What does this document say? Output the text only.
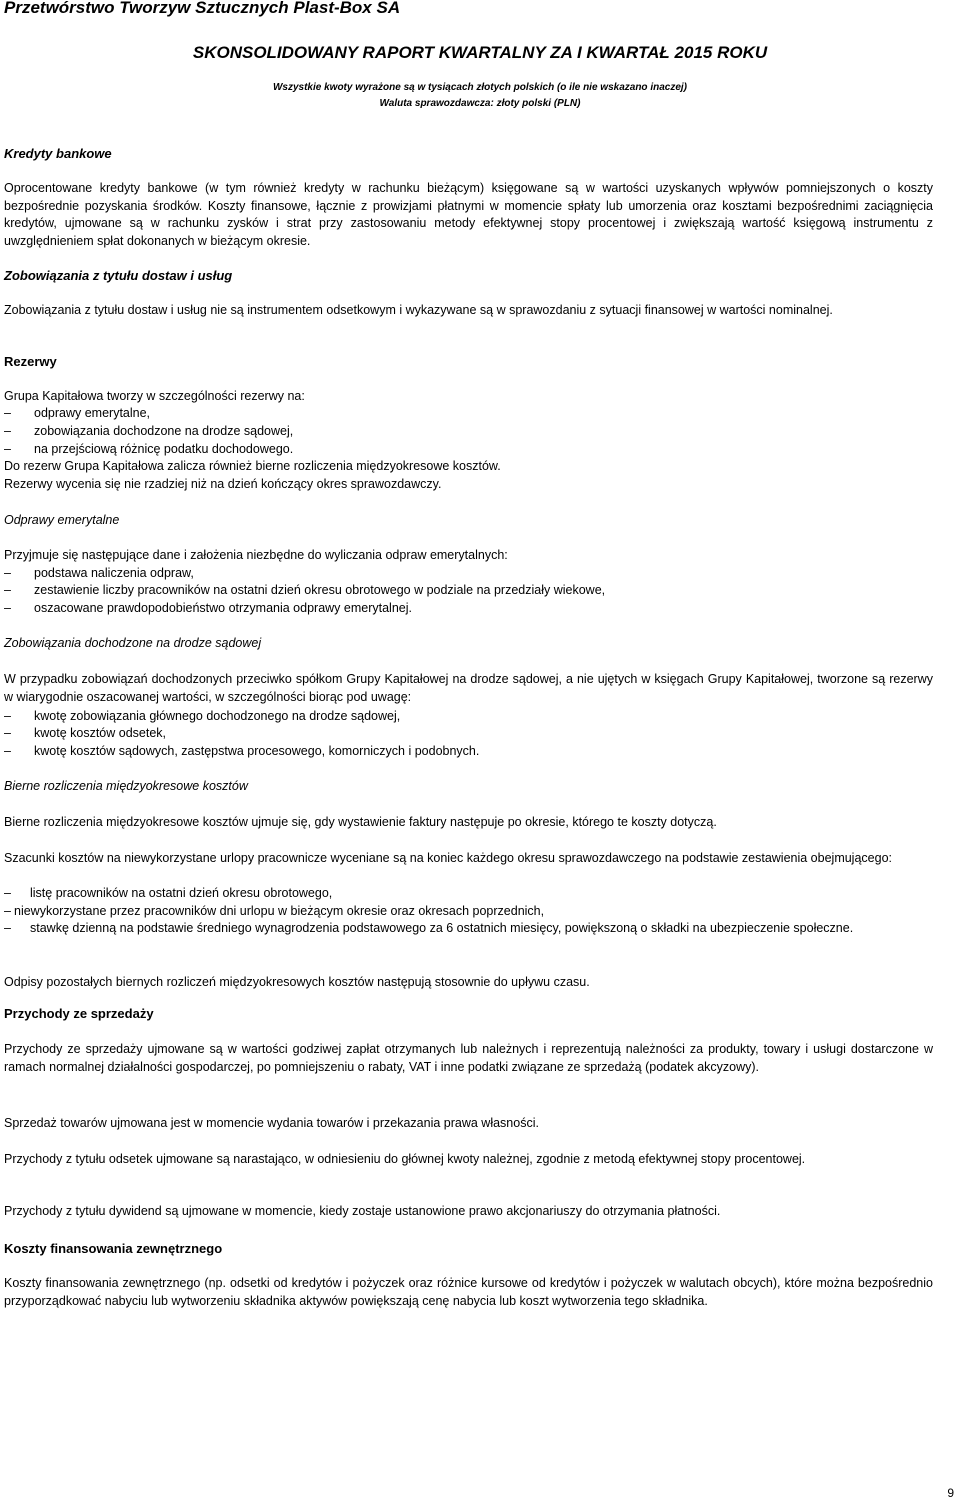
Przetwórstwo Tworzyw Sztucznych Plast-Box SA
SKONSOLIDOWANY RAPORT KWARTALNY ZA I KWARTAŁ 2015 ROKU
Wszystkie kwoty wyrażone są w tysiącach złotych polskich (o ile nie wskazano inaczej)
Waluta sprawozdawcza: złoty polski (PLN)
Kredyty bankowe

Oprocentowane kredyty bankowe (w tym również kredyty w rachunku bieżącym) księgowane są w wartości uzyskanych wpływów pomniejszonych o koszty bezpośrednie pozyskania środków. Koszty finansowe, łącznie z prowizjami płatnymi w momencie spłaty lub umorzenia oraz kosztami bezpośrednimi zaciągnięcia kredytów, ujmowane są w rachunku zysków i strat przy zastosowaniu metody efektywnej stopy procentowej i zwiększają wartość księgową instrumentu z uwzględnieniem spłat dokonanych w bieżącym okresie.

Zobowiązania z tytułu dostaw i usług
Zobowiązania z tytułu dostaw i usług nie są instrumentem odsetkowym i wykazywane są w sprawozdaniu z sytuacji finansowej w wartości nominalnej.
Rezerwy
Grupa Kapitałowa tworzy w szczególności rezerwy na:
– odprawy emerytalne,
– zobowiązania dochodzone na drodze sądowej,
– na przejściową różnicę podatku dochodowego.
Do rezerw Grupa Kapitałowa zalicza również bierne rozliczenia międzyokresowe kosztów.
Rezerwy wycenia się nie rzadziej niż na dzień kończący okres sprawozdawczy.
Odprawy emerytalne
Przyjmuje się następujące dane i założenia niezbędne do wyliczania odpraw emerytalnych:
– podstawa naliczenia odpraw,
– zestawienie liczby pracowników na ostatni dzień okresu obrotowego w podziale na przedziały wiekowe,
– oszacowane prawdopodobieństwo otrzymania odprawy emerytalnej.
Zobowiązania dochodzone na drodze sądowej

W przypadku zobowiązań dochodzonych przeciwko spółkom Grupy Kapitałowej na drodze sądowej, a nie ujętych w księgach Grupy Kapitałowej, tworzone są rezerwy w wiarygodnie oszacowanej wartości, w szczególności biorąc pod uwagę:

– kwotę zobowiązania głównego dochodzonego na drodze sądowej,
– kwotę kosztów odsetek,
– kwotę kosztów sądowych, zastępstwa procesowego, komorniczych i podobnych.
Bierne rozliczenia międzyokresowe kosztów
Bierne rozliczenia międzyokresowe kosztów ujmuje się, gdy wystawienie faktury następuje po okresie, którego te koszty dotyczą.

Szacunki kosztów na niewykorzystane urlopy pracownicze wyceniane są na koniec każdego okresu sprawozdawczego na podstawie zestawienia obejmującego:

– listę pracowników na ostatni dzień okresu obrotowego,
– niewykorzystane przez pracowników dni urlopu w bieżącym okresie oraz okresach poprzednich,
– stawkę dzienną na podstawie średniego wynagrodzenia podstawowego za 6 ostatnich miesięcy, powiększoną o składki na ubezpieczenie społeczne.
Odpisy pozostałych biernych rozliczeń międzyokresowych kosztów następują stosownie do upływu czasu.
Przychody ze sprzedaży

Przychody ze sprzedaży ujmowane są w wartości godziwej zapłat otrzymanych lub należnych i reprezentują należności za produkty, towary i usługi dostarczone w ramach normalnej działalności gospodarczej, po pomniejszeniu o rabaty, VAT i inne podatki związane ze sprzedażą (podatek akcyzowy).

Sprzedaż towarów ujmowana jest w momencie wydania towarów i przekazania prawa własności.
Przychody z tytułu odsetek ujmowane są narastająco, w odniesieniu do głównej kwoty należnej, zgodnie z metodą efektywnej stopy procentowej.
Przychody z tytułu dywidend są ujmowane w momencie, kiedy zostaje ustanowione prawo akcjonariuszy do otrzymania płatności.
Koszty finansowania zewnętrznego

Koszty finansowania zewnętrznego (np. odsetki od kredytów i pożyczek oraz różnice kursowe od kredytów i pożyczek w walutach obcych), które można bezpośrednio przyporządkować nabyciu lub wytworzeniu składnika aktywów powiększają cenę nabycia lub koszt wytworzenia tego składnika.

9
